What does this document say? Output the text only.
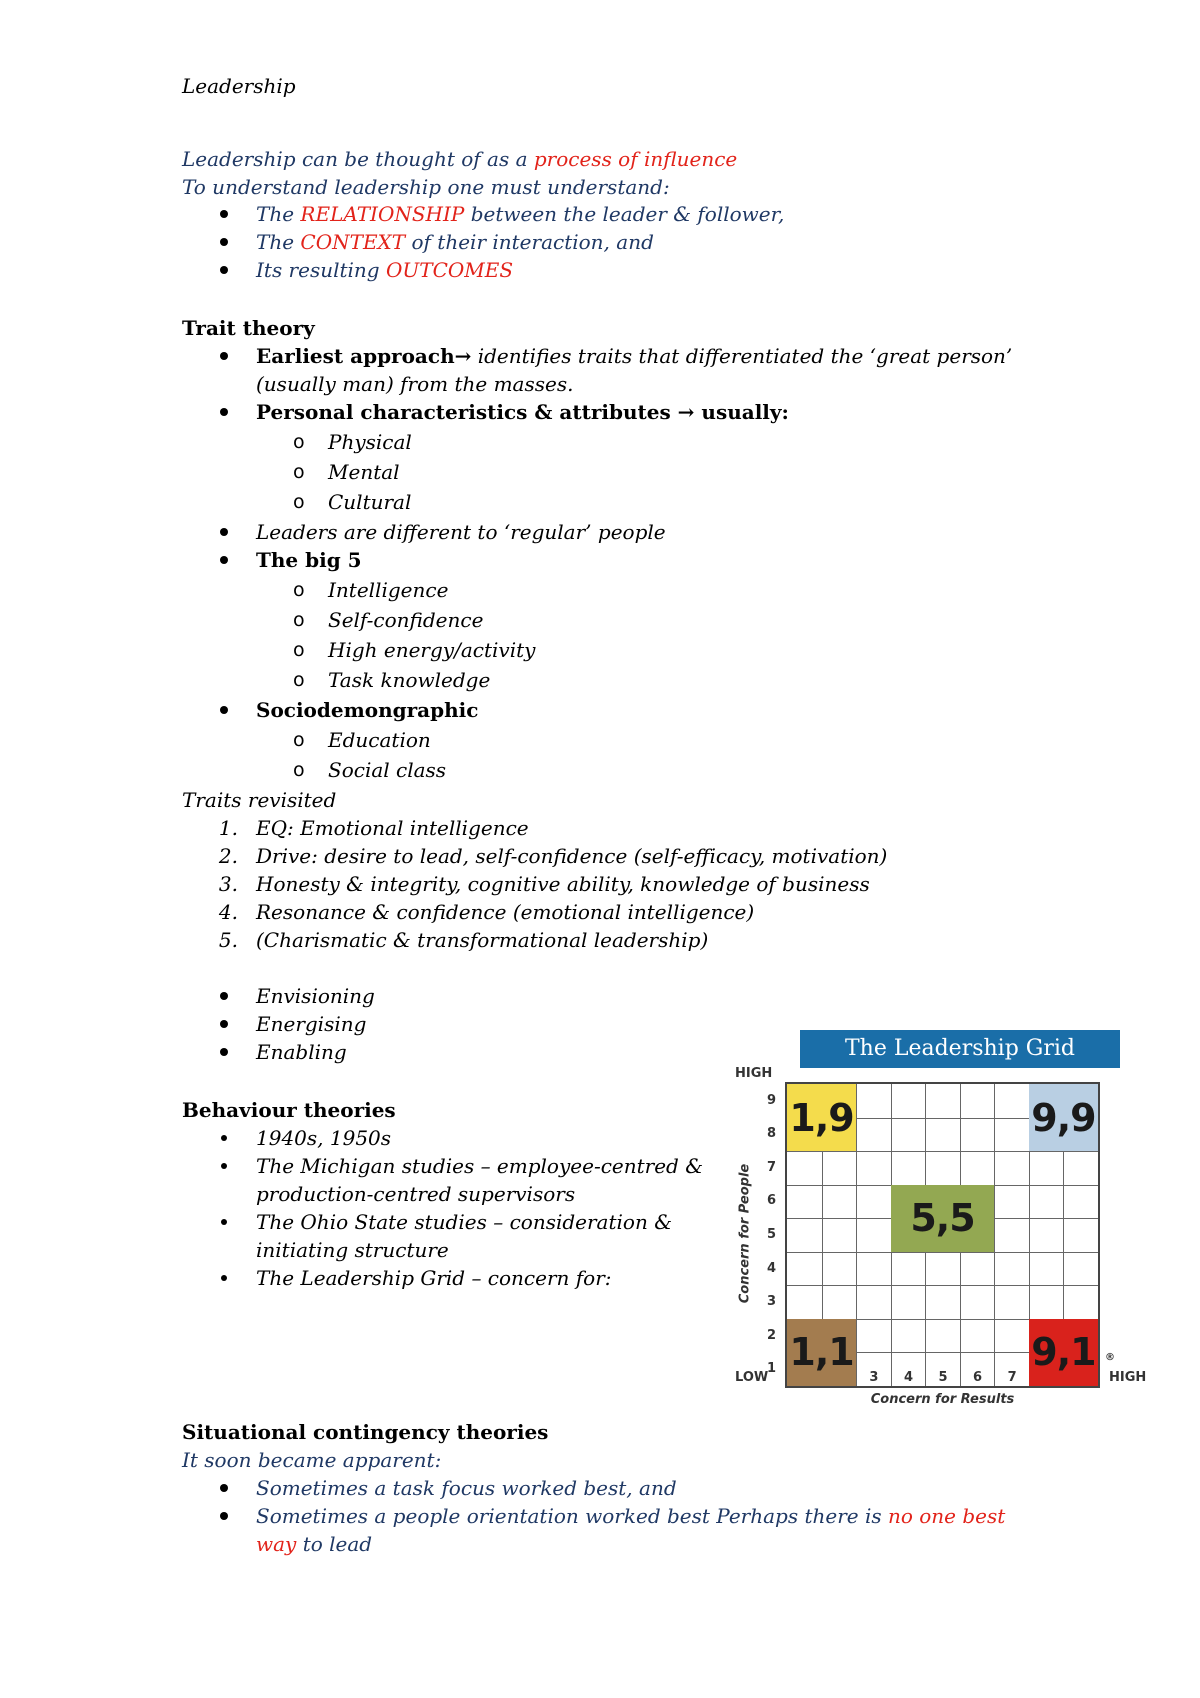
Leadership
Leadership can be thought of as a process of influence
To understand leadership one must understand:
The RELATIONSHIP between the leader & follower,
The CONTEXT of their interaction, and
Its resulting OUTCOMES
Trait theory
Earliest approach→ identifies traits that differentiated the ‘great person’
(usually man) from the masses.
Personal characteristics & attributes → usually:
o Physical
o Mental
o Cultural
Leaders are different to ‘regular’ people
The big 5
o Intelligence
o Self-confidence
o High energy/activity
o Task knowledge
Sociodemongraphic
o Education
o Social class
Traits revisited
1. EQ: Emotional intelligence
2. Drive: desire to lead, self-confidence (self-efficacy, motivation)
3. Honesty & integrity, cognitive ability, knowledge of business
4. Resonance & confidence (emotional intelligence)
5. (Charismatic & transformational leadership)
Envisioning
Energising
Enabling
Behaviour theories
1940s, 1950s
The Michigan studies – employee-centred &
production-centred supervisors
The Ohio State studies – consideration &
initiating structure
The Leadership Grid – concern for:
Situational contingency theories
It soon became apparent:
Sometimes a task focus worked best, and
Sometimes a people orientation worked best Perhaps there is no one best
way to lead
The Leadership Grid
HIGH
LOW	HIGH
®
Concern for People
Concern for Results
9
8
7
6
5
4
3
2
1
3 4 5 6 7
1,9	9,9
5,5
1,1	9,1
